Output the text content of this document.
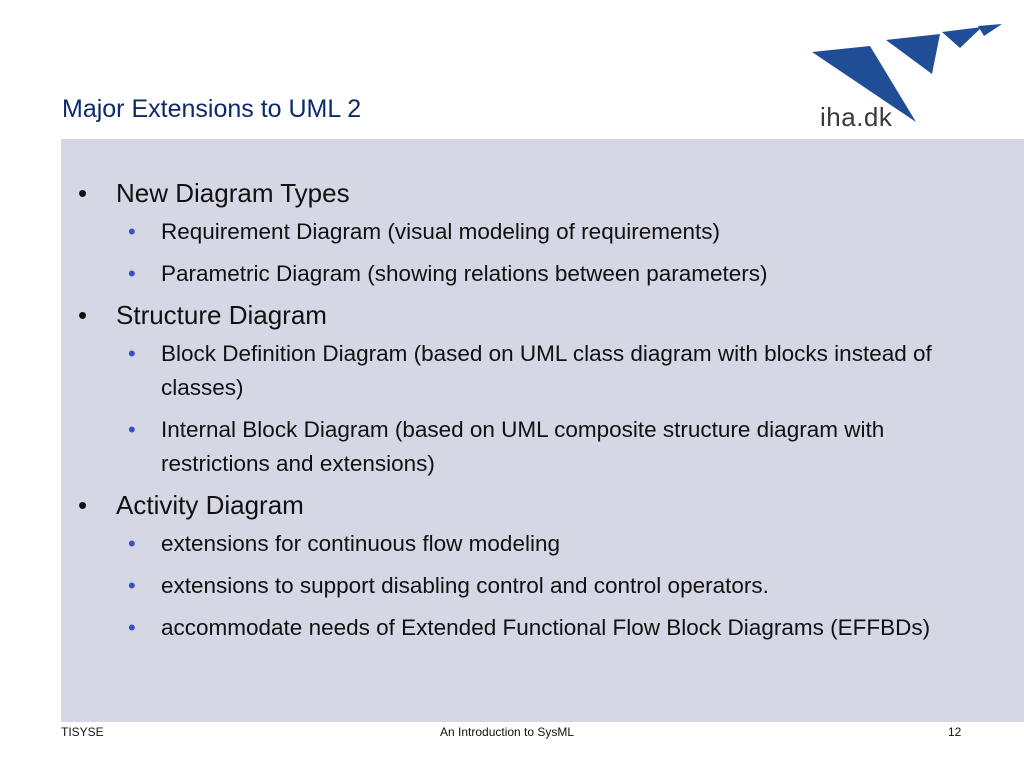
Major Extensions to UML 2	iha.dk
•	New Diagram Types
•	Requirement Diagram (visual modeling of requirements)
•	Parametric Diagram (showing relations between parameters)
•	Structure Diagram
•	Block Definition Diagram (based on UML class diagram with blocks instead of classes)
•	Internal Block Diagram (based on UML composite structure diagram with restrictions and extensions)
•	Activity Diagram
•	extensions for continuous flow modeling
•	extensions to support disabling control and control operators.
•	accommodate needs of Extended Functional Flow Block Diagrams (EFFBDs)
TISYSE	An Introduction to SysML	12
